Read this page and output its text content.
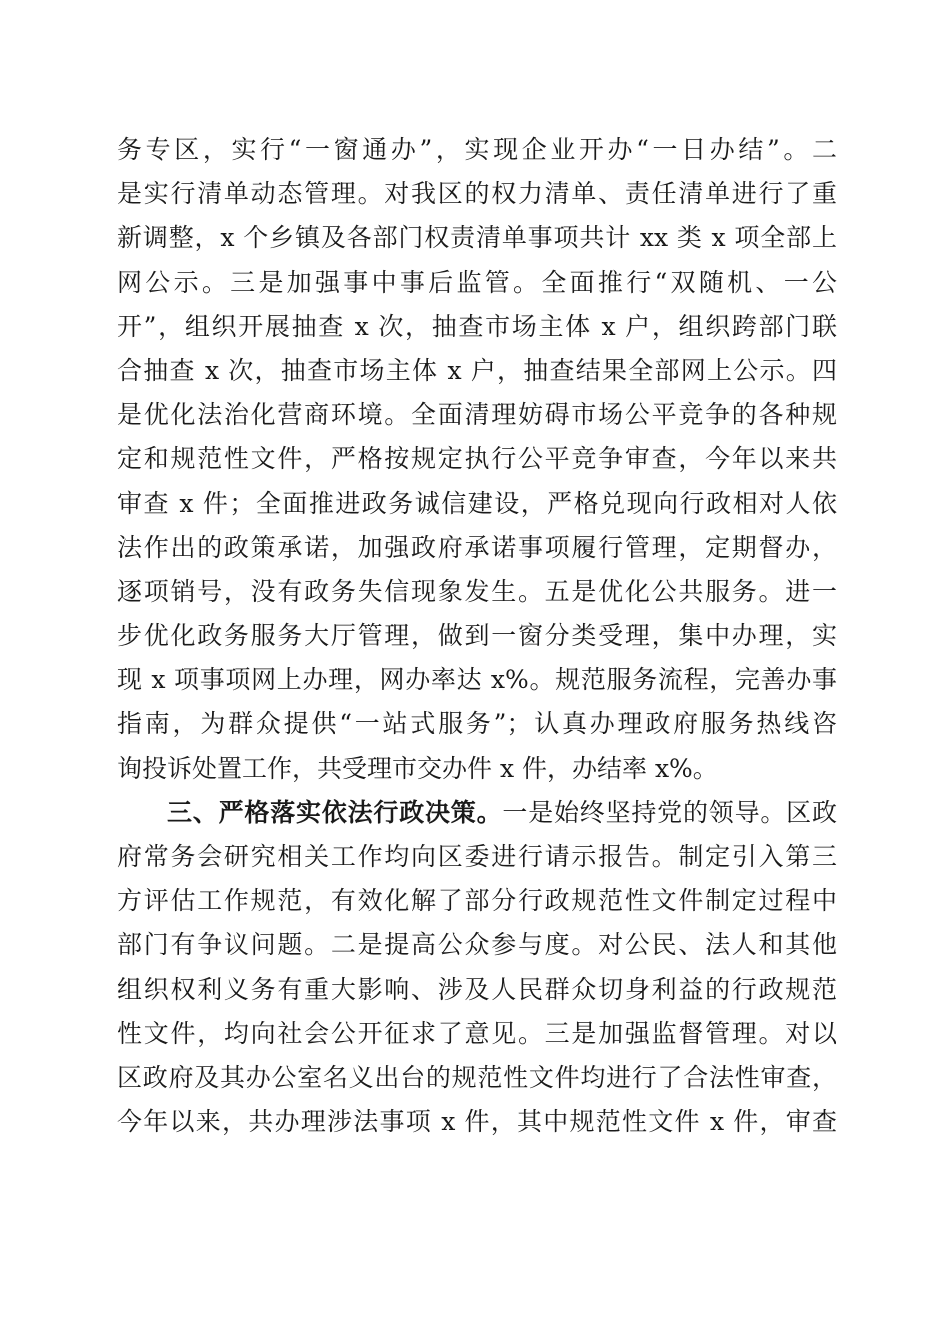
务专区，实行“一窗通办”，实现企业开办“一日办结”。二
是实行清单动态管理。对我区的权力清单、责任清单进行了重
新调整，x 个乡镇及各部门权责清单事项共计 xx 类 x 项全部上
网公示。三是加强事中事后监管。全面推行“双随机、一公
开”，组织开展抽查 x 次，抽查市场主体 x 户，组织跨部门联
合抽查 x 次，抽查市场主体 x 户，抽查结果全部网上公示。四
是优化法治化营商环境。全面清理妨碍市场公平竞争的各种规
定和规范性文件，严格按规定执行公平竞争审查，今年以来共
审查 x 件；全面推进政务诚信建设，严格兑现向行政相对人依
法作出的政策承诺，加强政府承诺事项履行管理，定期督办，
逐项销号，没有政务失信现象发生。五是优化公共服务。进一
步优化政务服务大厅管理，做到一窗分类受理，集中办理，实
现 x 项事项网上办理，网办率达 x%。规范服务流程，完善办事
指南，为群众提供“一站式服务”；认真办理政府服务热线咨
询投诉处置工作，共受理市交办件 x 件，办结率 x%。
三、严格落实依法行政决策。一是始终坚持党的领导。区政
府常务会研究相关工作均向区委进行请示报告。制定引入第三
方评估工作规范，有效化解了部分行政规范性文件制定过程中
部门有争议问题。二是提高公众参与度。对公民、法人和其他
组织权利义务有重大影响、涉及人民群众切身利益的行政规范
性文件，均向社会公开征求了意见。三是加强监督管理。对以
区政府及其办公室名义出台的规范性文件均进行了合法性审查，
今年以来，共办理涉法事项 x 件，其中规范性文件 x 件，审查
